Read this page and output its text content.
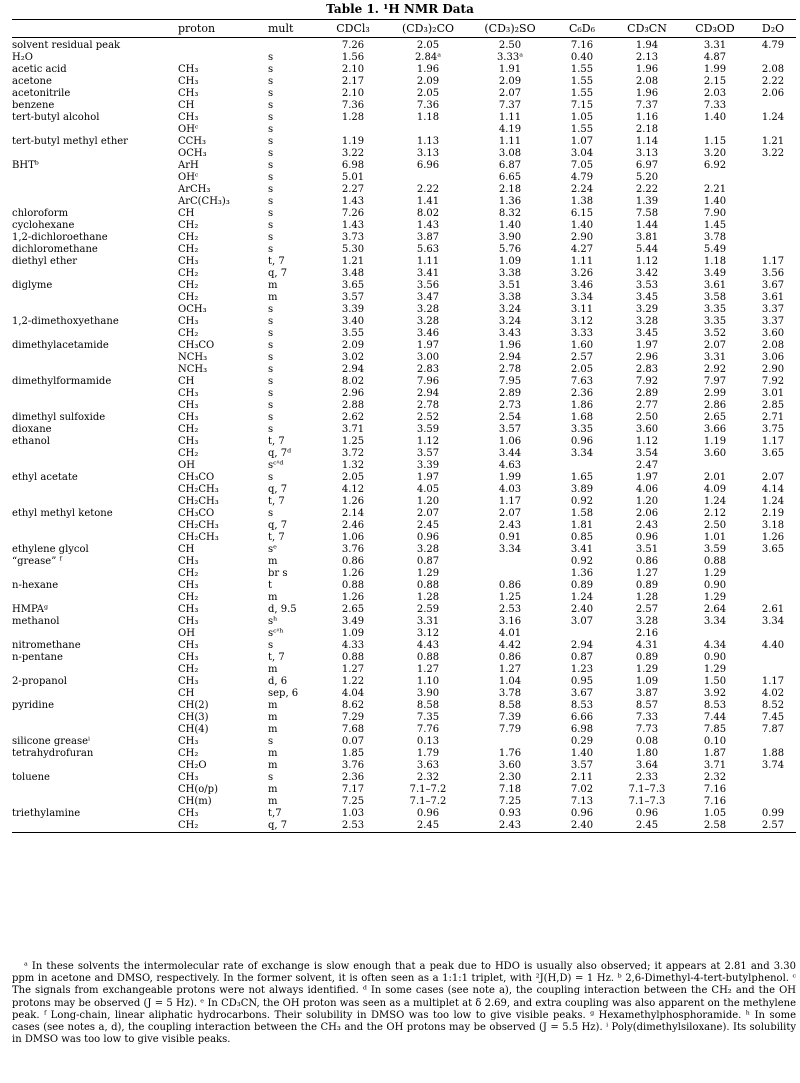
Table 1. ¹H NMR Data
	proton	mult	CDCl₃	(CD₃)₂CO	(CD₃)₂SO	C₆D₆	CD₃CN	CD₃OD	D₂O
solvent residual peak			7.26	2.05	2.50	7.16	1.94	3.31	4.79
H₂O		s	1.56	2.84ᵃ	3.33ᵃ	0.40	2.13	4.87	
acetic acid	CH₃	s	2.10	1.96	1.91	1.55	1.96	1.99	2.08
acetone	CH₃	s	2.17	2.09	2.09	1.55	2.08	2.15	2.22
acetonitrile	CH₃	s	2.10	2.05	2.07	1.55	1.96	2.03	2.06
benzene	CH	s	7.36	7.36	7.37	7.15	7.37	7.33	
tert-butyl alcohol	CH₃	s	1.28	1.18	1.11	1.05	1.16	1.40	1.24
	OHᶜ	s			4.19	1.55	2.18		
tert-butyl methyl ether	CCH₃	s	1.19	1.13	1.11	1.07	1.14	1.15	1.21
	OCH₃	s	3.22	3.13	3.08	3.04	3.13	3.20	3.22
BHTᵇ	ArH	s	6.98	6.96	6.87	7.05	6.97	6.92	
	OHᶜ	s	5.01		6.65	4.79	5.20		
	ArCH₃	s	2.27	2.22	2.18	2.24	2.22	2.21	
	ArC(CH₃)₃	s	1.43	1.41	1.36	1.38	1.39	1.40	
chloroform	CH	s	7.26	8.02	8.32	6.15	7.58	7.90	
cyclohexane	CH₂	s	1.43	1.43	1.40	1.40	1.44	1.45	
1,2-dichloroethane	CH₂	s	3.73	3.87	3.90	2.90	3.81	3.78	
dichloromethane	CH₂	s	5.30	5.63	5.76	4.27	5.44	5.49	
diethyl ether	CH₃	t, 7	1.21	1.11	1.09	1.11	1.12	1.18	1.17
	CH₂	q, 7	3.48	3.41	3.38	3.26	3.42	3.49	3.56
diglyme	CH₂	m	3.65	3.56	3.51	3.46	3.53	3.61	3.67
	CH₂	m	3.57	3.47	3.38	3.34	3.45	3.58	3.61
	OCH₃	s	3.39	3.28	3.24	3.11	3.29	3.35	3.37
1,2-dimethoxyethane	CH₃	s	3.40	3.28	3.24	3.12	3.28	3.35	3.37
	CH₂	s	3.55	3.46	3.43	3.33	3.45	3.52	3.60
dimethylacetamide	CH₃CO	s	2.09	1.97	1.96	1.60	1.97	2.07	2.08
	NCH₃	s	3.02	3.00	2.94	2.57	2.96	3.31	3.06
	NCH₃	s	2.94	2.83	2.78	2.05	2.83	2.92	2.90
dimethylformamide	CH	s	8.02	7.96	7.95	7.63	7.92	7.97	7.92
	CH₃	s	2.96	2.94	2.89	2.36	2.89	2.99	3.01
	CH₃	s	2.88	2.78	2.73	1.86	2.77	2.86	2.85
dimethyl sulfoxide	CH₃	s	2.62	2.52	2.54	1.68	2.50	2.65	2.71
dioxane	CH₂	s	3.71	3.59	3.57	3.35	3.60	3.66	3.75
ethanol	CH₃	t, 7	1.25	1.12	1.06	0.96	1.12	1.19	1.17
	CH₂	q, 7ᵈ	3.72	3.57	3.44	3.34	3.54	3.60	3.65
	OH	sᶜ'ᵈ	1.32	3.39	4.63		2.47		
ethyl acetate	CH₃CO	s	2.05	1.97	1.99	1.65	1.97	2.01	2.07
	CH₂CH₃	q, 7	4.12	4.05	4.03	3.89	4.06	4.09	4.14
	CH₂CH₃	t, 7	1.26	1.20	1.17	0.92	1.20	1.24	1.24
ethyl methyl ketone	CH₃CO	s	2.14	2.07	2.07	1.58	2.06	2.12	2.19
	CH₂CH₃	q, 7	2.46	2.45	2.43	1.81	2.43	2.50	3.18
	CH₂CH₃	t, 7	1.06	0.96	0.91	0.85	0.96	1.01	1.26
ethylene glycol	CH	sᵉ	3.76	3.28	3.34	3.41	3.51	3.59	3.65
“grease” ᶠ	CH₃	m	0.86	0.87		0.92	0.86	0.88	
	CH₂	br s	1.26	1.29		1.36	1.27	1.29	
n-hexane	CH₃	t	0.88	0.88	0.86	0.89	0.89	0.90	
	CH₂	m	1.26	1.28	1.25	1.24	1.28	1.29	
HMPAᵍ	CH₃	d, 9.5	2.65	2.59	2.53	2.40	2.57	2.64	2.61
methanol	CH₃	sʰ	3.49	3.31	3.16	3.07	3.28	3.34	3.34
	OH	sᶜ'ʰ	1.09	3.12	4.01		2.16		
nitromethane	CH₃	s	4.33	4.43	4.42	2.94	4.31	4.34	4.40
n-pentane	CH₃	t, 7	0.88	0.88	0.86	0.87	0.89	0.90	
	CH₂	m	1.27	1.27	1.27	1.23	1.29	1.29	
2-propanol	CH₃	d, 6	1.22	1.10	1.04	0.95	1.09	1.50	1.17
	CH	sep, 6	4.04	3.90	3.78	3.67	3.87	3.92	4.02
pyridine	CH(2)	m	8.62	8.58	8.58	8.53	8.57	8.53	8.52
	CH(3)	m	7.29	7.35	7.39	6.66	7.33	7.44	7.45
	CH(4)	m	7.68	7.76	7.79	6.98	7.73	7.85	7.87
silicone greaseⁱ	CH₃	s	0.07	0.13		0.29	0.08	0.10	
tetrahydrofuran	CH₂	m	1.85	1.79	1.76	1.40	1.80	1.87	1.88
	CH₂O	m	3.76	3.63	3.60	3.57	3.64	3.71	3.74
toluene	CH₃	s	2.36	2.32	2.30	2.11	2.33	2.32	
	CH(o/p)	m	7.17	7.1–7.2	7.18	7.02	7.1–7.3	7.16	
	CH(m)	m	7.25	7.1–7.2	7.25	7.13	7.1–7.3	7.16	
triethylamine	CH₃	t,7	1.03	0.96	0.93	0.96	0.96	1.05	0.99
	CH₂	q, 7	2.53	2.45	2.43	2.40	2.45	2.58	2.57

ᵃ In these solvents the intermolecular rate of exchange is slow enough that a peak due to HDO is usually also observed; it appears at 2.81 and 3.30 ppm in acetone and DMSO, respectively. In the former solvent, it is often seen as a 1:1:1 triplet, with ²J(H,D) = 1 Hz. ᵇ 2,6-Dimethyl-4-tert-butylphenol. ᶜ The signals from exchangeable protons were not always identified. ᵈ In some cases (see note a), the coupling interaction between the CH₂ and the OH protons may be observed (J = 5 Hz). ᵉ In CD₃CN, the OH proton was seen as a multiplet at δ 2.69, and extra coupling was also apparent on the methylene peak. ᶠ Long-chain, linear aliphatic hydrocarbons. Their solubility in DMSO was too low to give visible peaks. ᵍ Hexamethylphosphoramide. ʰ In some cases (see notes a, d), the coupling interaction between the CH₃ and the OH protons may be observed (J = 5.5 Hz). ⁱ Poly(dimethylsiloxane). Its solubility in DMSO was too low to give visible peaks.
